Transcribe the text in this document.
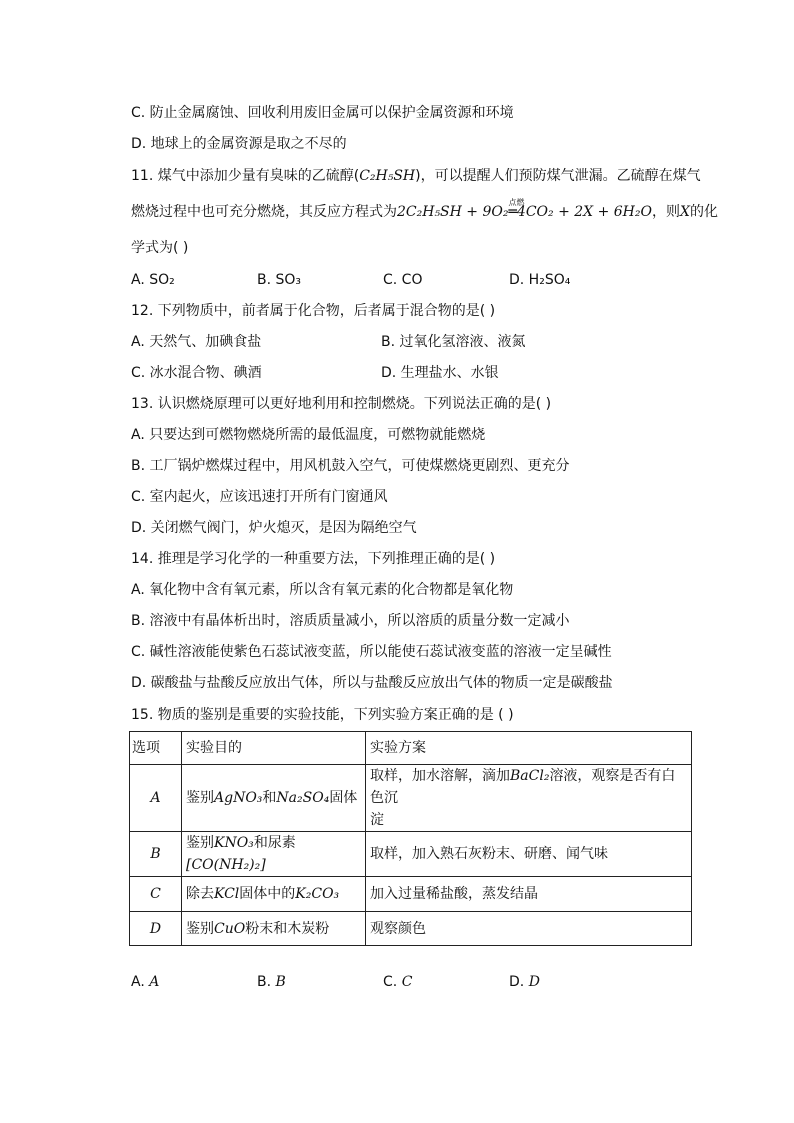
C. 防止金属腐蚀、回收利用废旧金属可以保护金属资源和环境
D. 地球上的金属资源是取之不尽的
11. 煤气中添加少量有臭味的乙硫醇(C₂H₅SH)，可以提醒人们预防煤气泄漏。乙硫醇在煤气
燃烧过程中也可充分燃烧，其反应方程式为2C₂H₅SH + 9O₂
点燃
═4CO₂ + 2X + 6H₂O，则X的化
学式为( )
A. SO₂	B. SO₃	C. CO	D. H₂SO₄
12. 下列物质中，前者属于化合物，后者属于混合物的是( )
A. 天然气、加碘食盐	B. 过氧化氢溶液、液氮
C. 冰水混合物、碘酒	D. 生理盐水、水银
13. 认识燃烧原理可以更好地利用和控制燃烧。下列说法正确的是( )
A. 只要达到可燃物燃烧所需的最低温度，可燃物就能燃烧
B. 工厂锅炉燃煤过程中，用风机鼓入空气，可使煤燃烧更剧烈、更充分
C. 室内起火，应该迅速打开所有门窗通风
D. 关闭燃气阀门，炉火熄灭，是因为隔绝空气
14. 推理是学习化学的一种重要方法，下列推理正确的是( )
A. 氧化物中含有氧元素，所以含有氧元素的化合物都是氧化物
B. 溶液中有晶体析出时，溶质质量减小，所以溶质的质量分数一定减小
C. 碱性溶液能使紫色石蕊试液变蓝，所以能使石蕊试液变蓝的溶液一定呈碱性
D. 碳酸盐与盐酸反应放出气体，所以与盐酸反应放出气体的物质一定是碳酸盐
15. 物质的鉴别是重要的实验技能，下列实验方案正确的是 ( )
选项	实验目的	实验方案
A	鉴别AgNO₃和Na₂SO₄固体	取样，加水溶解，滴加BaCl₂溶液，观察是否有白色沉
淀
B	鉴别KNO₃和尿素[CO(NH₂)₂]	取样，加入熟石灰粉末、研磨、闻气味
C	除去KCl固体中的K₂CO₃	加入过量稀盐酸，蒸发结晶
D	鉴别CuO粉末和木炭粉	观察颜色
A. A	B. B	C. C	D. D
